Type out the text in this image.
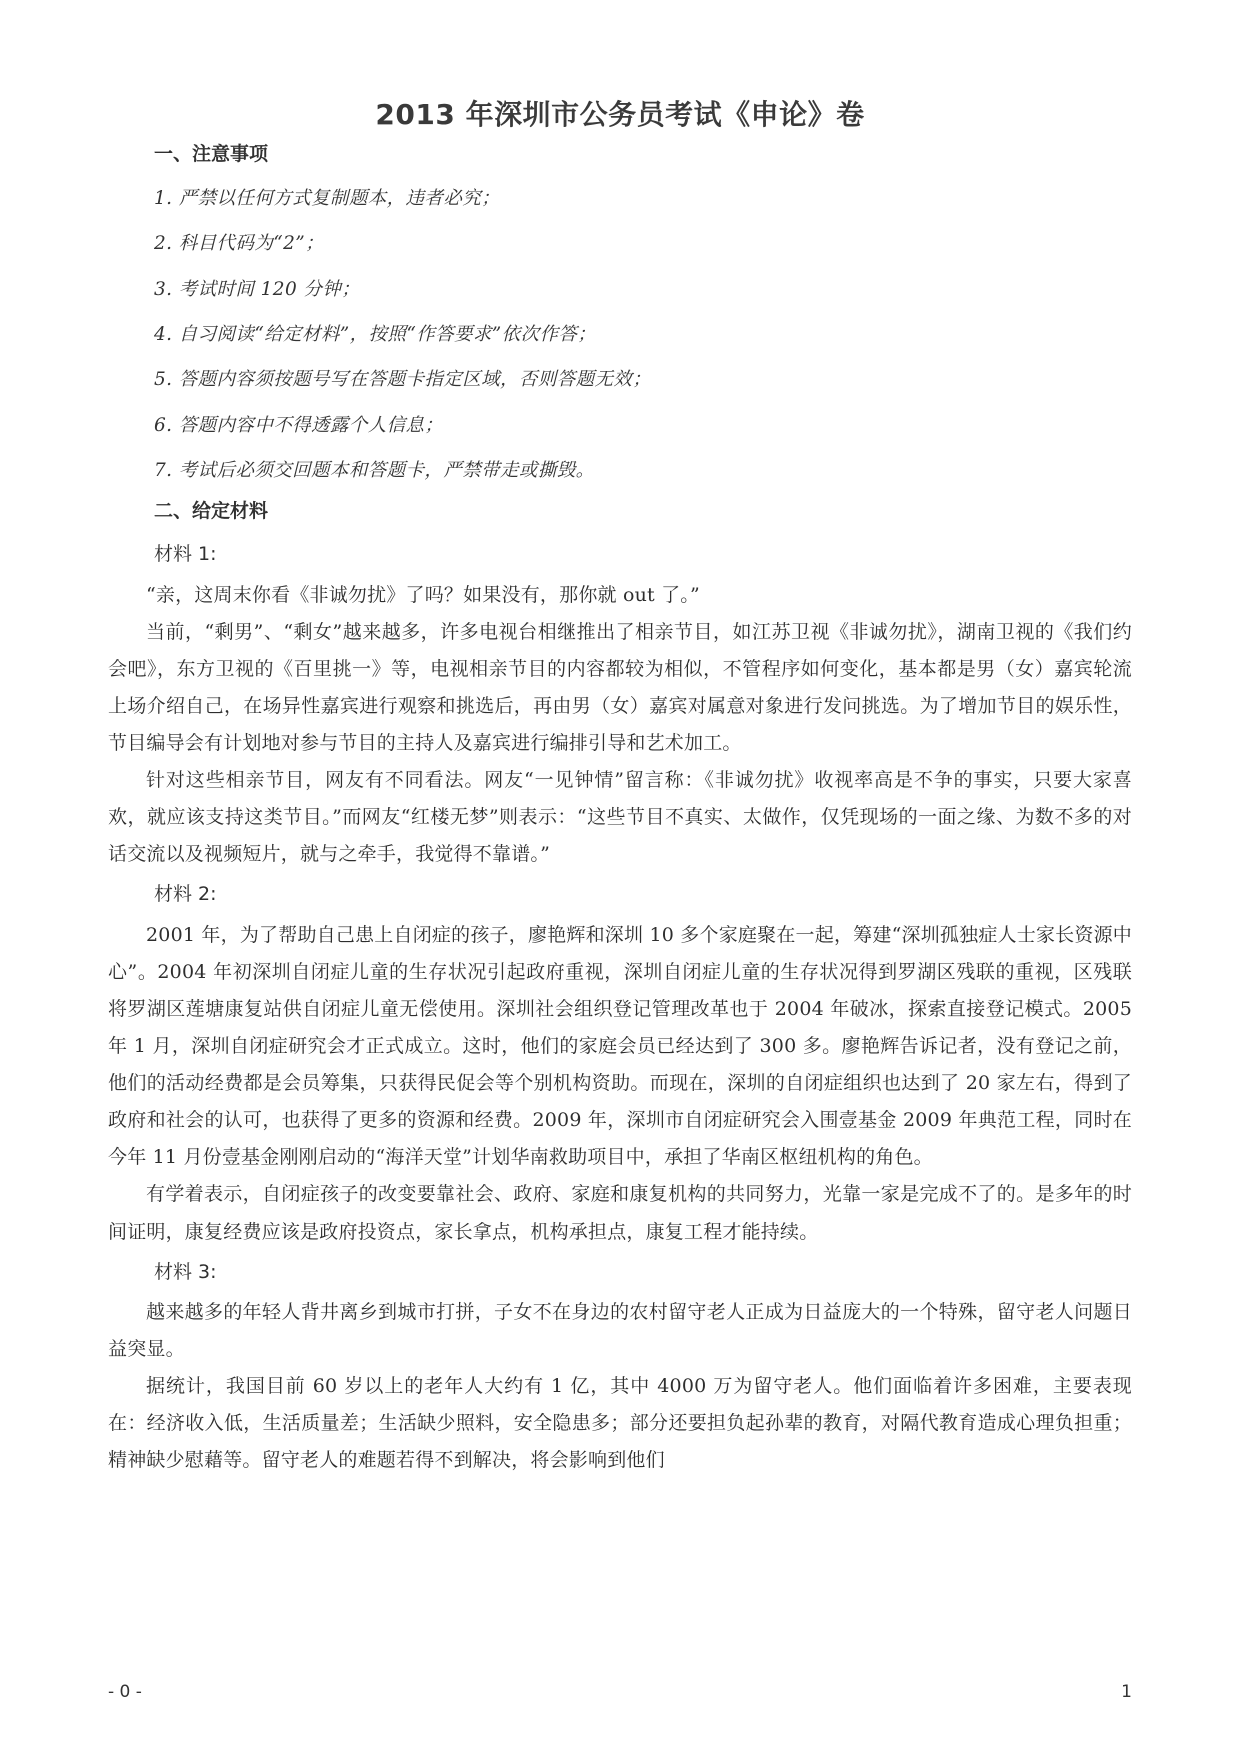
2013 年深圳市公务员考试《申论》卷
一、注意事项
1. 严禁以任何方式复制题本，违者必究；
2. 科目代码为“2”；
3. 考试时间 120 分钟；
4. 自习阅读“给定材料”，按照“作答要求”依次作答；
5. 答题内容须按题号写在答题卡指定区域，否则答题无效；
6. 答题内容中不得透露个人信息；
7. 考试后必须交回题本和答题卡，严禁带走或撕毁。
二、给定材料
材料 1:

“亲，这周末你看《非诚勿扰》了吗？如果没有，那你就 out 了。”

当前，“剩男”、“剩女”越来越多，许多电视台相继推出了相亲节目，如江苏卫视《非诚勿扰》，湖南卫视的《我们约会吧》，东方卫视的《百里挑一》等，电视相亲节目的内容都较为相似，不管程序如何变化，基本都是男（女）嘉宾轮流上场介绍自己，在场异性嘉宾进行观察和挑选后，再由男（女）嘉宾对属意对象进行发问挑选。为了增加节目的娱乐性，节目编导会有计划地对参与节目的主持人及嘉宾进行编排引导和艺术加工。

针对这些相亲节目，网友有不同看法。网友“一见钟情”留言称：《非诚勿扰》收视率高是不争的事实，只要大家喜欢，就应该支持这类节目。”而网友“红楼无梦”则表示：“这些节目不真实、太做作，仅凭现场的一面之缘、为数不多的对话交流以及视频短片，就与之牵手，我觉得不靠谱。”

材料 2:

2001 年，为了帮助自己患上自闭症的孩子，廖艳辉和深圳 10 多个家庭聚在一起，筹建“深圳孤独症人士家长资源中心”。2004 年初深圳自闭症儿童的生存状况引起政府重视，深圳自闭症儿童的生存状况得到罗湖区残联的重视，区残联将罗湖区莲塘康复站供自闭症儿童无偿使用。深圳社会组织登记管理改革也于 2004 年破冰，探索直接登记模式。2005 年 1 月，深圳自闭症研究会才正式成立。这时，他们的家庭会员已经达到了 300 多。廖艳辉告诉记者，没有登记之前，他们的活动经费都是会员筹集，只获得民促会等个别机构资助。而现在，深圳的自闭症组织也达到了 20 家左右，得到了政府和社会的认可，也获得了更多的资源和经费。2009 年，深圳市自闭症研究会入围壹基金 2009 年典范工程，同时在今年 11 月份壹基金刚刚启动的“海洋天堂”计划华南救助项目中，承担了华南区枢纽机构的角色。

有学着表示，自闭症孩子的改变要靠社会、政府、家庭和康复机构的共同努力，光靠一家是完成不了的。是多年的时间证明，康复经费应该是政府投资点，家长拿点，机构承担点，康复工程才能持续。

材料 3:

越来越多的年轻人背井离乡到城市打拼，子女不在身边的农村留守老人正成为日益庞大的一个特殊，留守老人问题日益突显。

据统计，我国目前 60 岁以上的老年人大约有 1 亿，其中 4000 万为留守老人。他们面临着许多困难，主要表现在：经济收入低，生活质量差；生活缺少照料，安全隐患多；部分还要担负起孙辈的教育，对隔代教育造成心理负担重；精神缺少慰藉等。留守老人的难题若得不到解决，将会影响到他们

- 0 -	1
